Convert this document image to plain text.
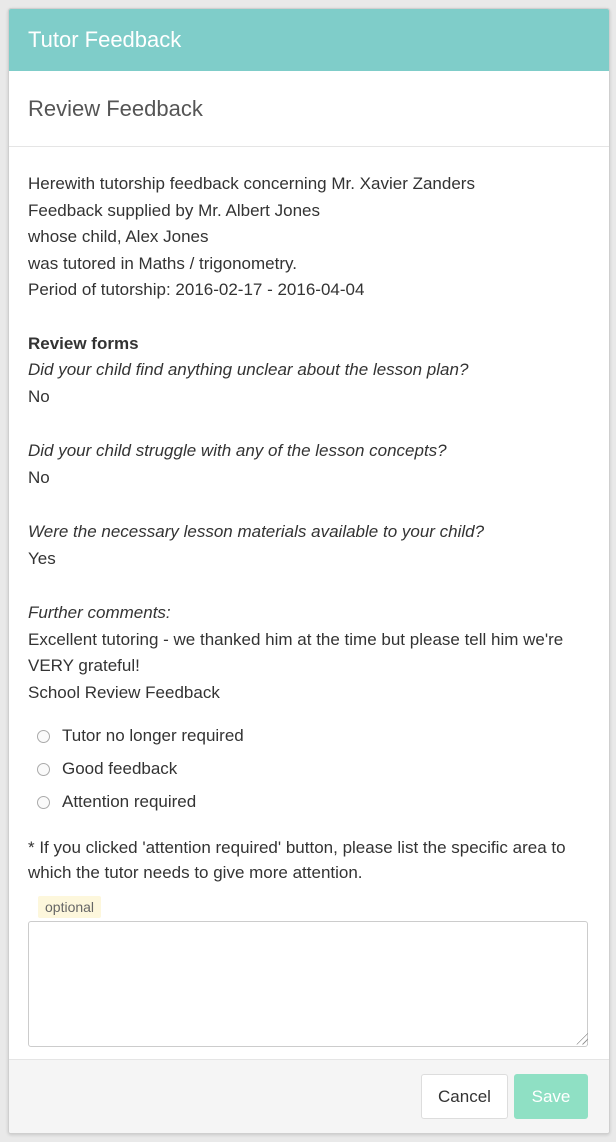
Tutor Feedback
Review Feedback
Herewith tutorship feedback concerning Mr. Xavier Zanders
Feedback supplied by Mr. Albert Jones
whose child, Alex Jones
was tutored in Maths / trigonometry.
Period of tutorship: 2016-02-17 - 2016-04-04
Review forms
Did your child find anything unclear about the lesson plan?
No
Did your child struggle with any of the lesson concepts?
No
Were the necessary lesson materials available to your child?
Yes
Further comments:
Excellent tutoring - we thanked him at the time but please tell him we're VERY grateful!
School Review Feedback
Tutor no longer required
Good feedback
Attention required
* If you clicked 'attention required' button, please list the specific area to which the tutor needs to give more attention.
optional
Cancel	Save
